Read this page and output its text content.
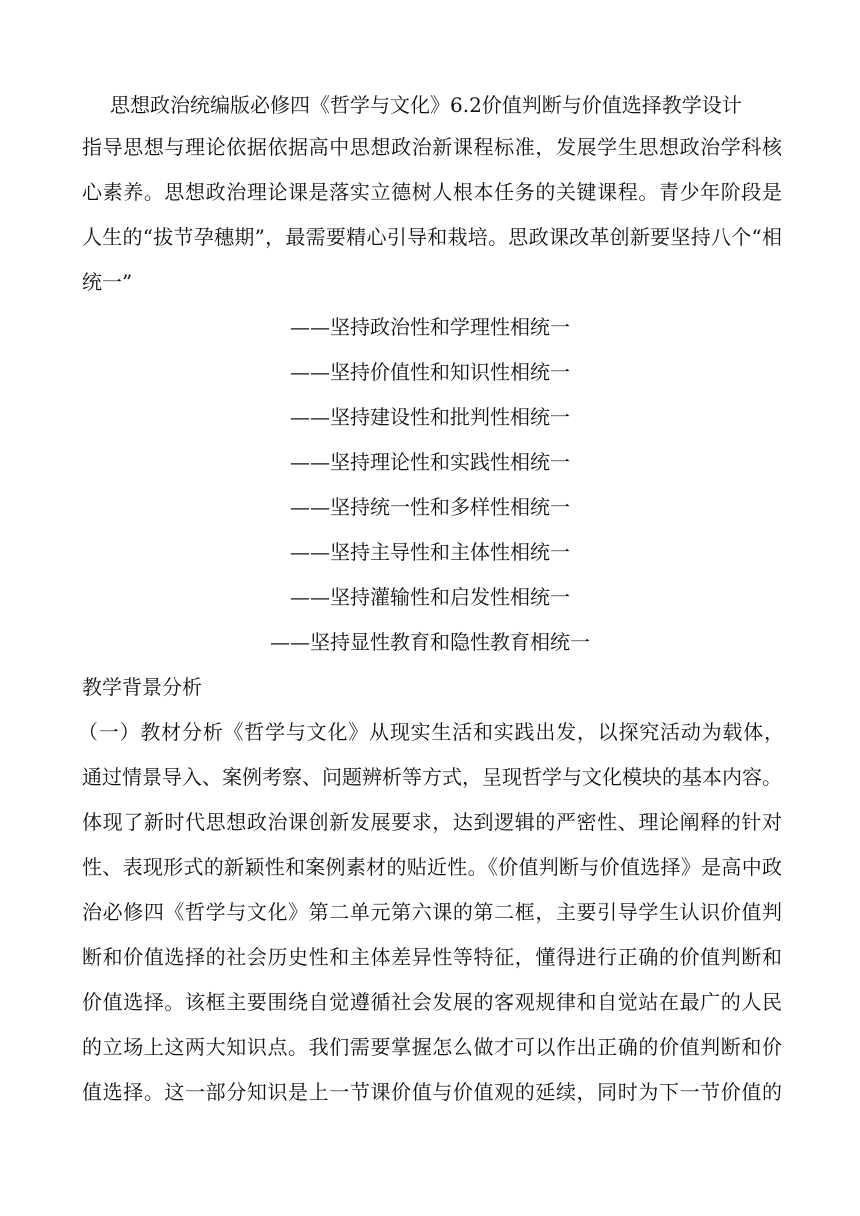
思想政治统编版必修四《哲学与文化》6.2价值判断与价值选择教学设计
指导思想与理论依据依据高中思想政治新课程标准，发展学生思想政治学科核
心素养。思想政治理论课是落实立德树人根本任务的关键课程。青少年阶段是
人生的“拔节孕穗期”，最需要精心引导和栽培。思政课改革创新要坚持八个“相
统一”
——坚持政治性和学理性相统一
——坚持价值性和知识性相统一
——坚持建设性和批判性相统一
——坚持理论性和实践性相统一
——坚持统一性和多样性相统一
——坚持主导性和主体性相统一
——坚持灌输性和启发性相统一
——坚持显性教育和隐性教育相统一
教学背景分析
（一）教材分析《哲学与文化》从现实生活和实践出发，以探究活动为载体，
通过情景导入、案例考察、问题辨析等方式，呈现哲学与文化模块的基本内容。
体现了新时代思想政治课创新发展要求，达到逻辑的严密性、理论阐释的针对
性、表现形式的新颖性和案例素材的贴近性。《价值判断与价值选择》是高中政
治必修四《哲学与文化》第二单元第六课的第二框，主要引导学生认识价值判
断和价值选择的社会历史性和主体差异性等特征，懂得进行正确的价值判断和
价值选择。该框主要围绕自觉遵循社会发展的客观规律和自觉站在最广的人民
的立场上这两大知识点。我们需要掌握怎么做才可以作出正确的价值判断和价
值选择。这一部分知识是上一节课价值与价值观的延续，同时为下一节价值的
